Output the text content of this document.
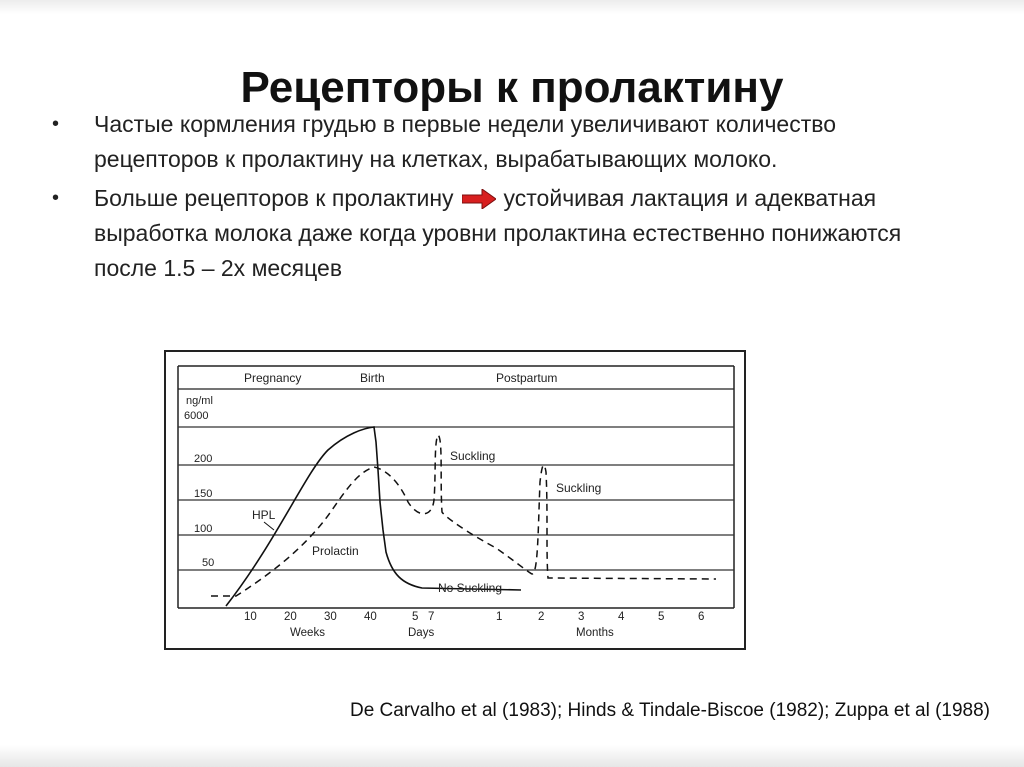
Рецепторы к пролактину
•	Частые кормления грудью в первые недели увеличивают количество рецепторов к пролактину на клетках, вырабатывающих молоко.
•	Больше рецепторов к пролактину устойчивая лактация и адекватная выработка молока даже когда уровни пролактина естественно понижаются после 1.5 – 2х месяцев
Pregnancy	Birth	Postpartum
ng/ml
6000
200
150
100
50
HPL
Prolactin
Suckling
Suckling
No Suckling
10 20 30 40	5 7	1	2	3	4	5	6
Weeks	Days	Months
De Carvalho et al (1983); Hinds & Tindale-Biscoe (1982); Zuppa et al (1988)
